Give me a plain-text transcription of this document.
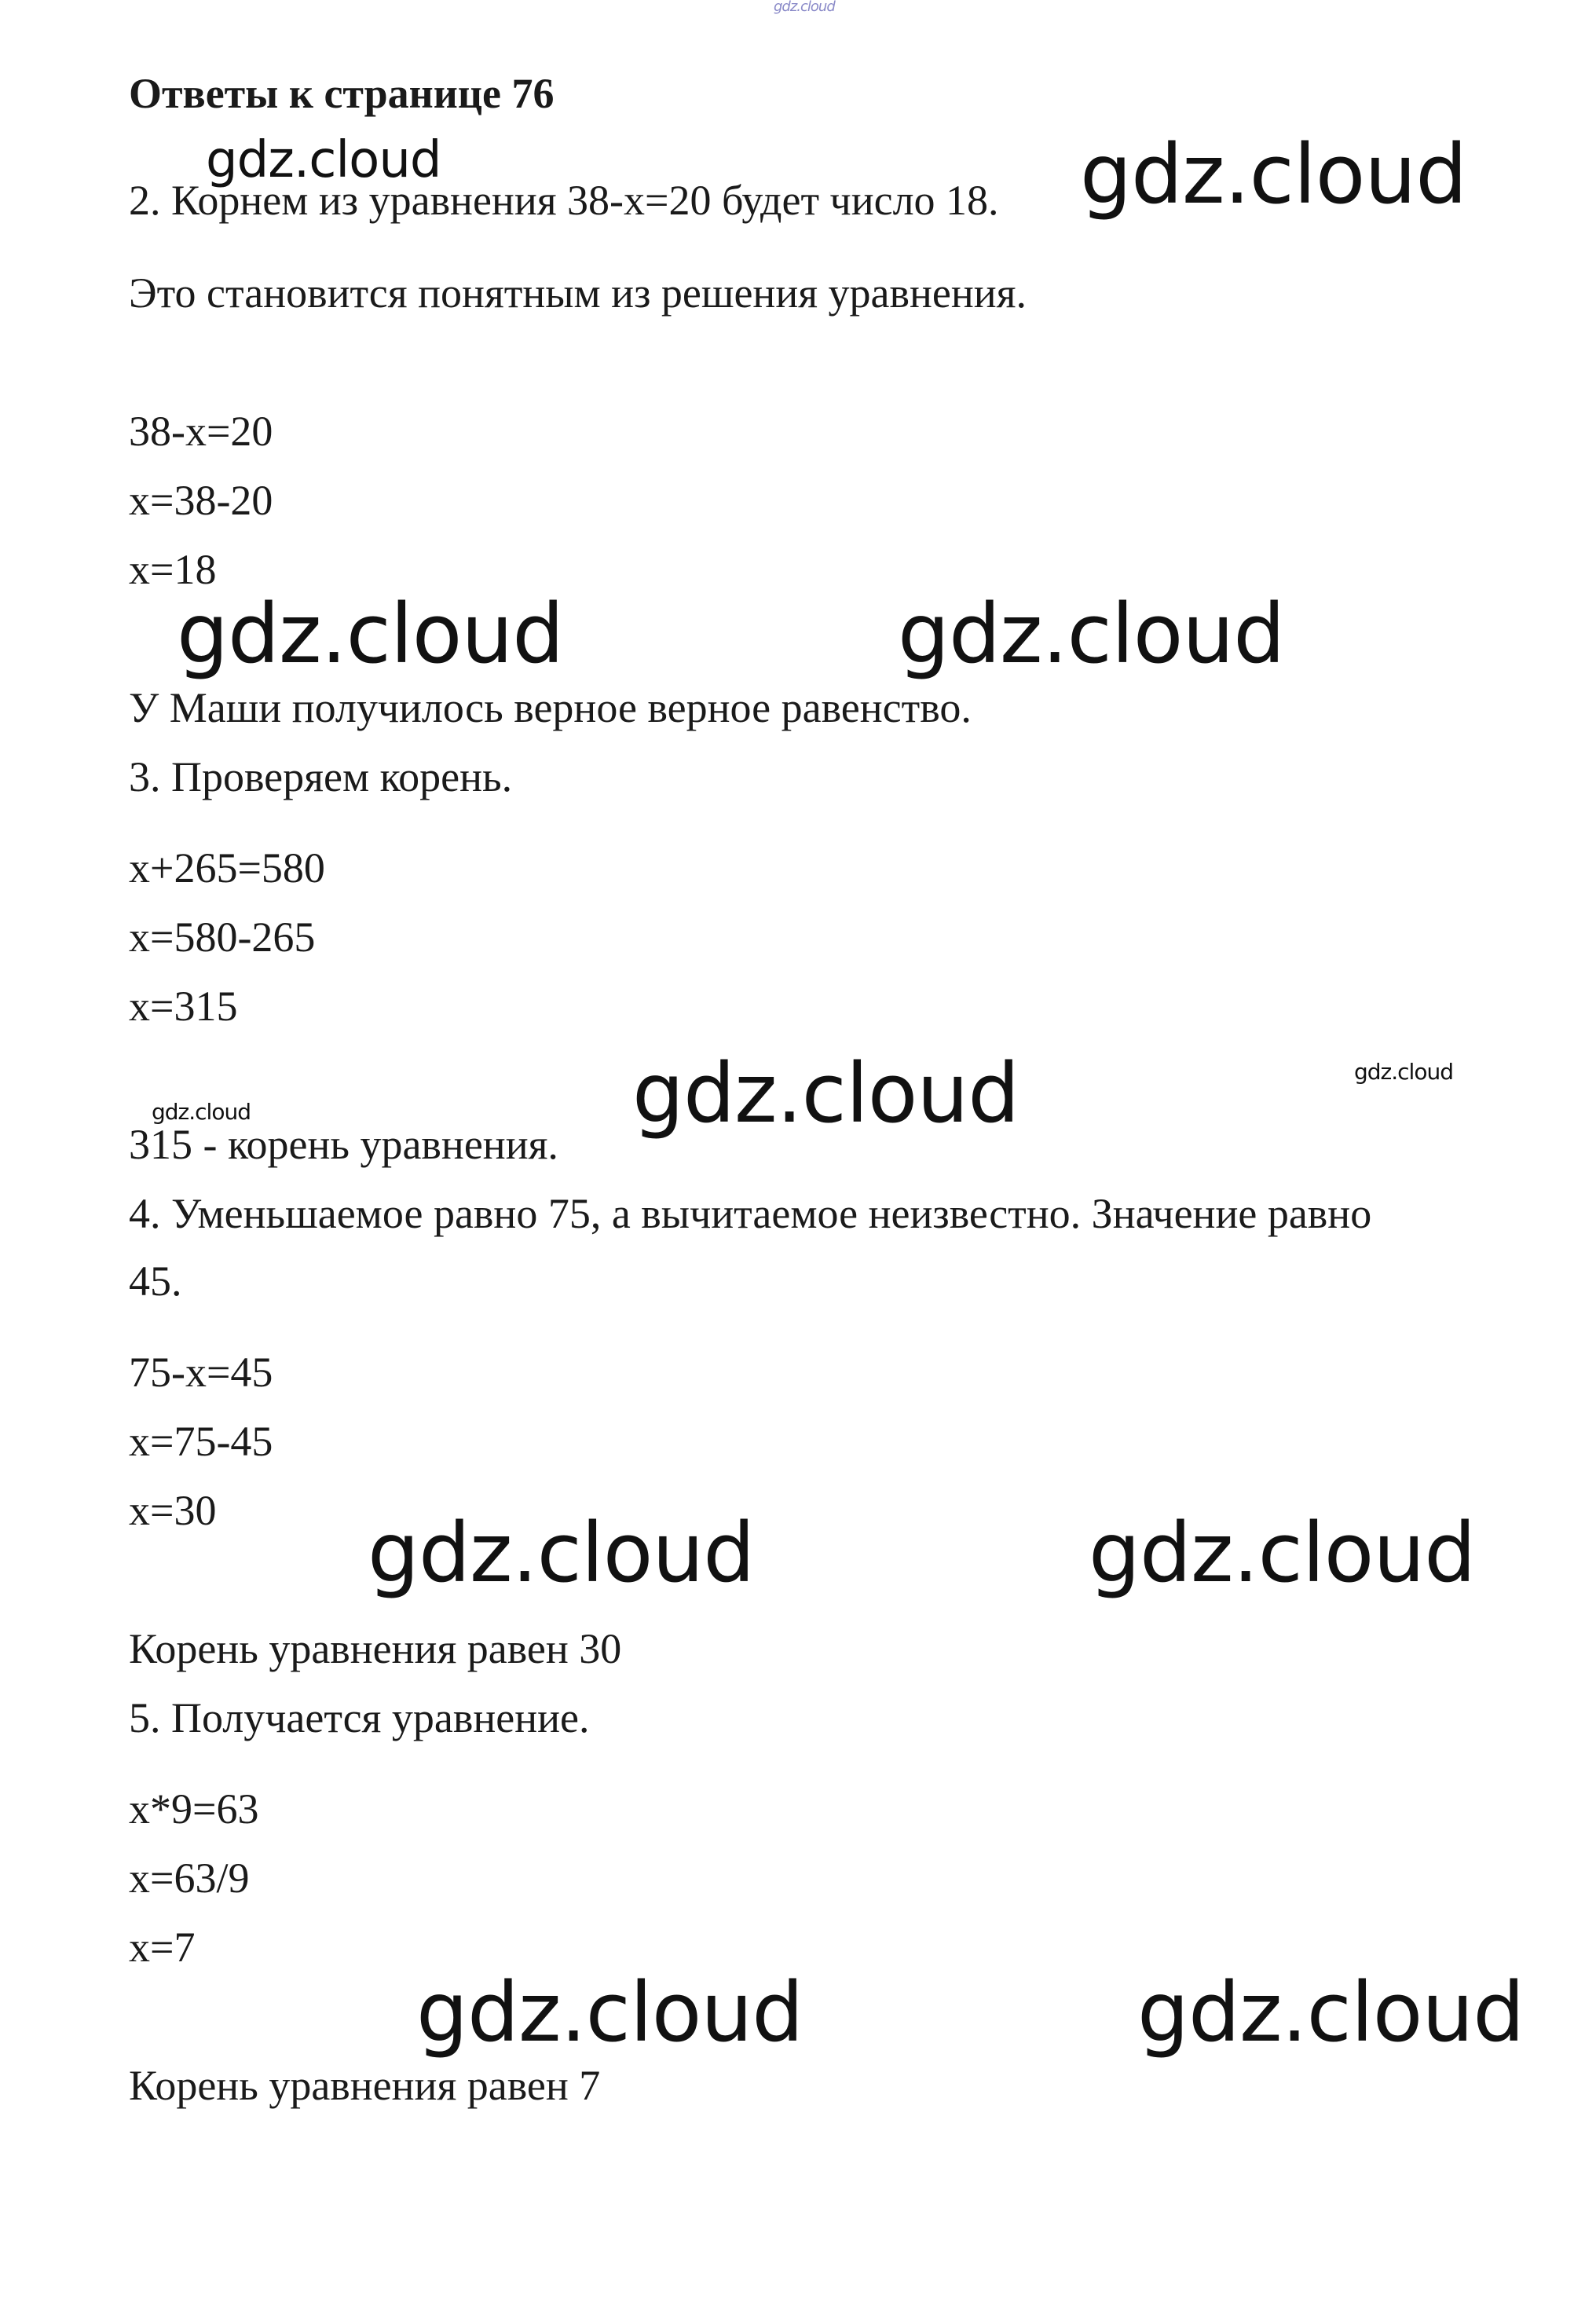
gdz.cloud
gdz.cloud	gdz.cloud
gdz.cloud	gdz.cloud
gdz.cloud	gdz.cloud
gdz.cloud
gdz.cloud	gdz.cloud
gdz.cloud	gdz.cloud
Ответы к странице 76
2. Корнем из уравнения 38-х=20 будет число 18.
Это становится понятным из решения уравнения.
38-х=20
х=38-20
х=18
У Маши получилось верное верное равенство.
3. Проверяем корень.
х+265=580
х=580-265
х=315
315 - корень уравнения.
4. Уменьшаемое равно 75, а вычитаемое неизвестно. Значение равно
45.
75-х=45
х=75-45
х=30
Корень уравнения равен 30
5. Получается уравнение.
х*9=63
х=63/9
х=7
Корень уравнения равен 7
